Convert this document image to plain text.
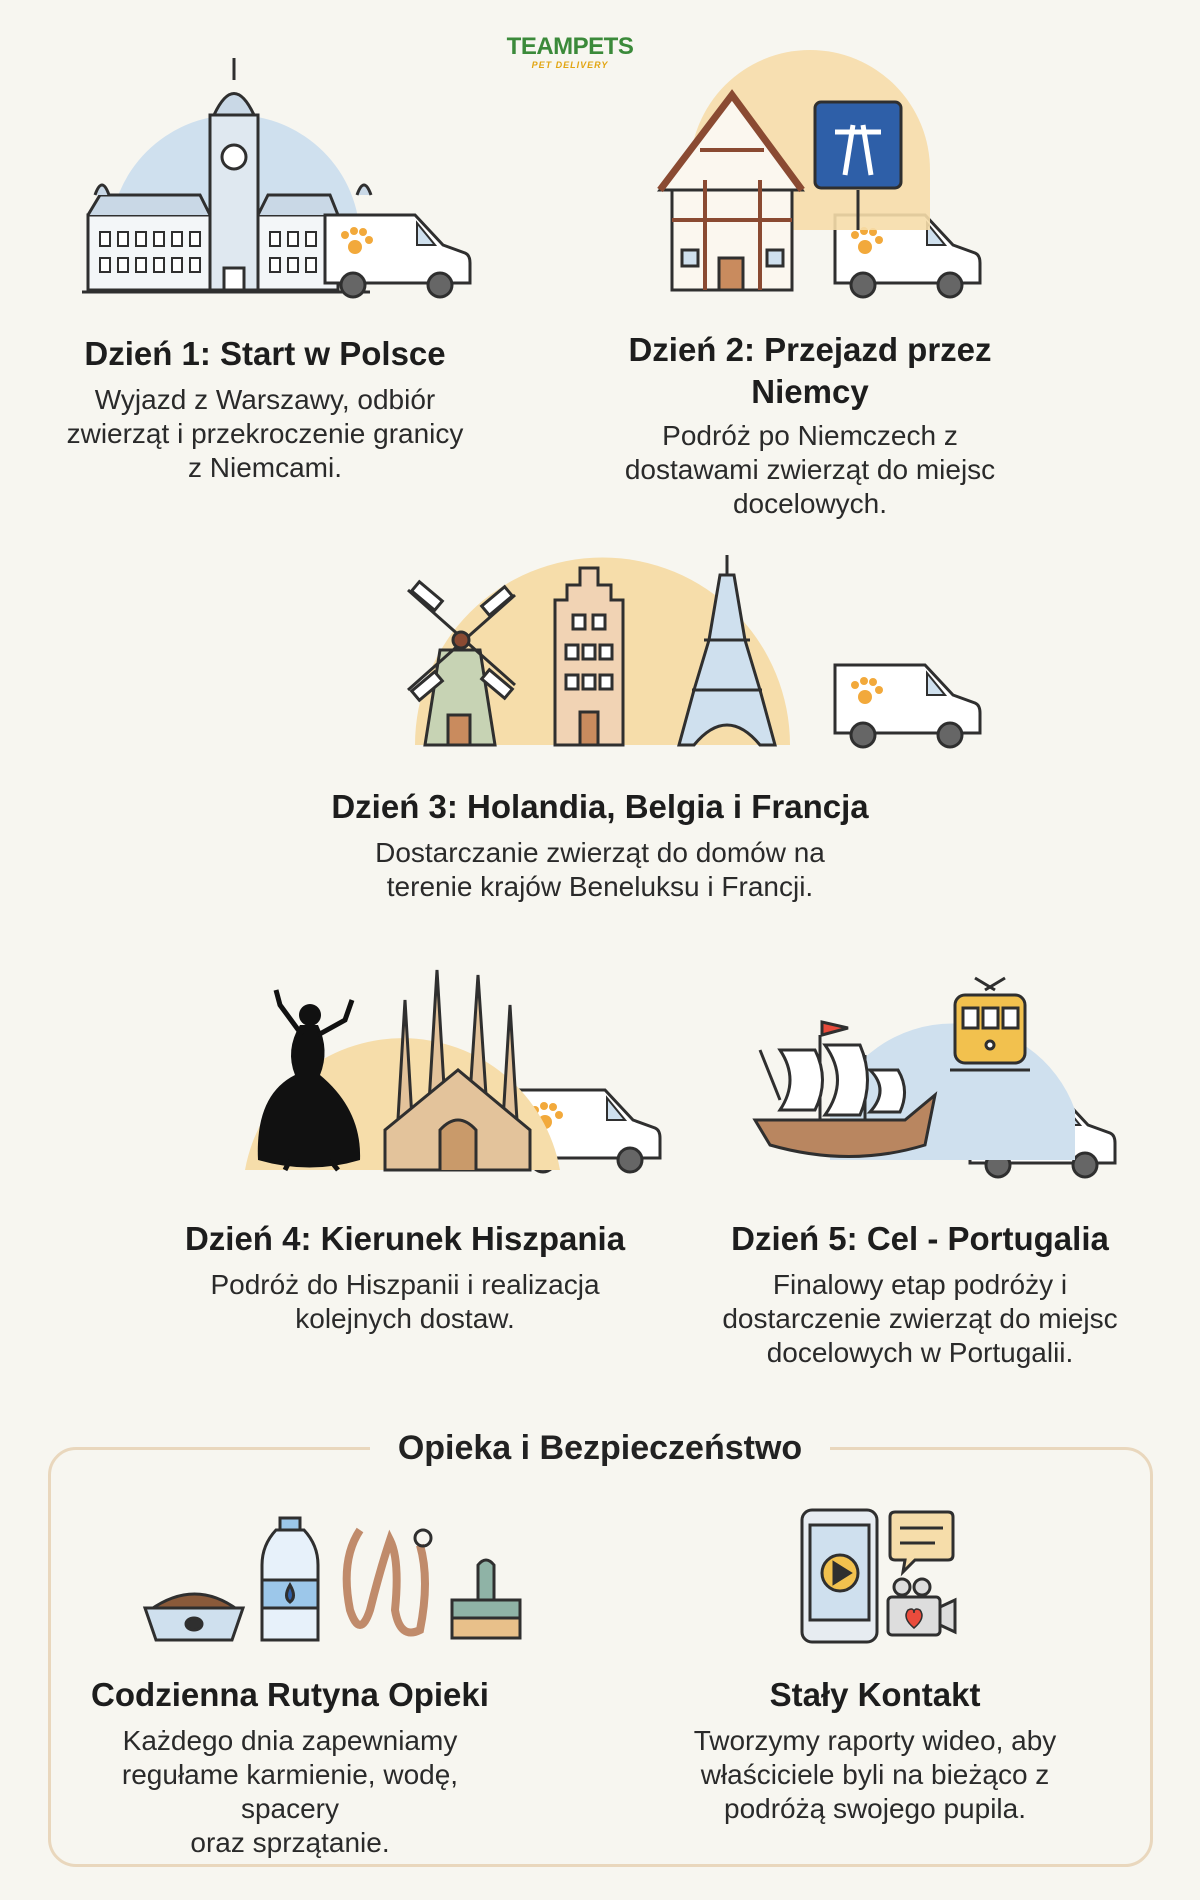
TEAMPETS
PET DELIVERY
Dzień 1: Start w Polsce
Wyjazd z Warszawy, odbiór
zwierząt i przekroczenie granicy
z Niemcami.
Dzień 2: Przejazd przez
Niemcy
Podróż po Niemczech z
dostawami zwierząt do miejsc
docelowych.
Dzień 3: Holandia, Belgia i Francja
Dostarczanie zwierząt do domów na
terenie krajów Beneluksu i Francji.
Dzień 4: Kierunek Hiszpania
Podróż do Hiszpanii i realizacja
kolejnych dostaw.
Dzień 5: Cel - Portugalia
Finalowy etap podróży i
dostarczenie zwierząt do miejsc
docelowych w Portugalii.
Opieka i Bezpieczeństwo
Codzienna Rutyna Opieki
Każdego dnia zapewniamy
regułame karmienie, wodę, spacery
oraz sprzątanie.
Stały Kontakt
Tworzymy raporty wideo, aby
właściciele byli na bieżąco z
podróżą swojego pupila.
